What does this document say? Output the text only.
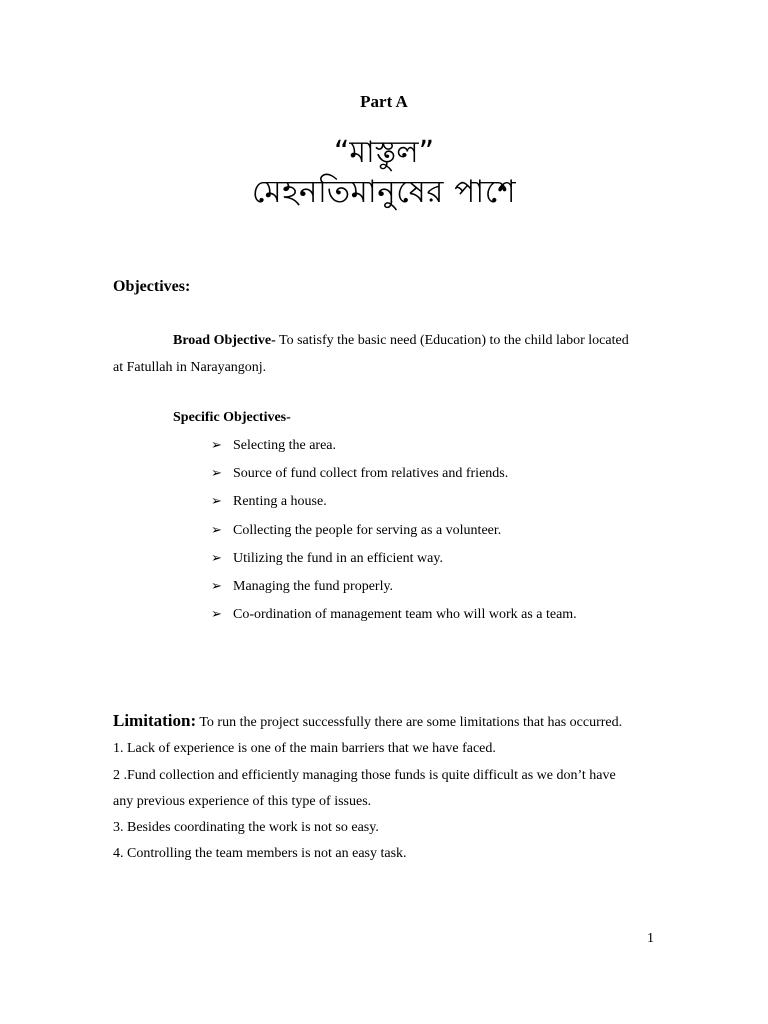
Part A
“মাস্তুল”
মেহনতিমানুষের পাশে
Objectives:
Broad Objective- To satisfy the basic need (Education) to the child labor located
at Fatullah in Narayangonj.
Specific Objectives-
➢ Selecting the area.
➢ Source of fund collect from relatives and friends.
➢ Renting a house.
➢ Collecting the people for serving as a volunteer.
➢ Utilizing the fund in an efficient way.
➢ Managing the fund properly.
➢ Co-ordination of management team who will work as a team.
Limitation: To run the project successfully there are some limitations that has occurred.
1. Lack of experience is one of the main barriers that we have faced.
2 .Fund collection and efficiently managing those funds is quite difficult as we don’t have
any previous experience of this type of issues.
3. Besides coordinating the work is not so easy.
4. Controlling the team members is not an easy task.
1
